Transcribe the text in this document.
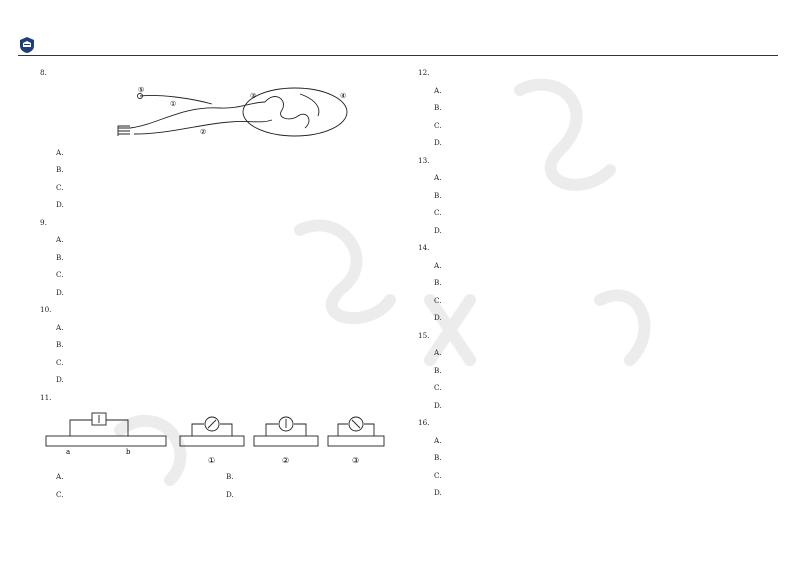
8.
⑤
①
②
③	④
A.
B.
C.
D.
9.
A.
B.
C.
D.
10.
A.
B.
C.
D.
11.
a	b
①	②	③
A.	B.
C.	D.
12.
A.
B.
C.
D.
13.
A.
B.
C.
D.
14.
A.
B.
C.
D.
15.
A.
B.
C.
D.
16.
A.
B.
C.
D.
